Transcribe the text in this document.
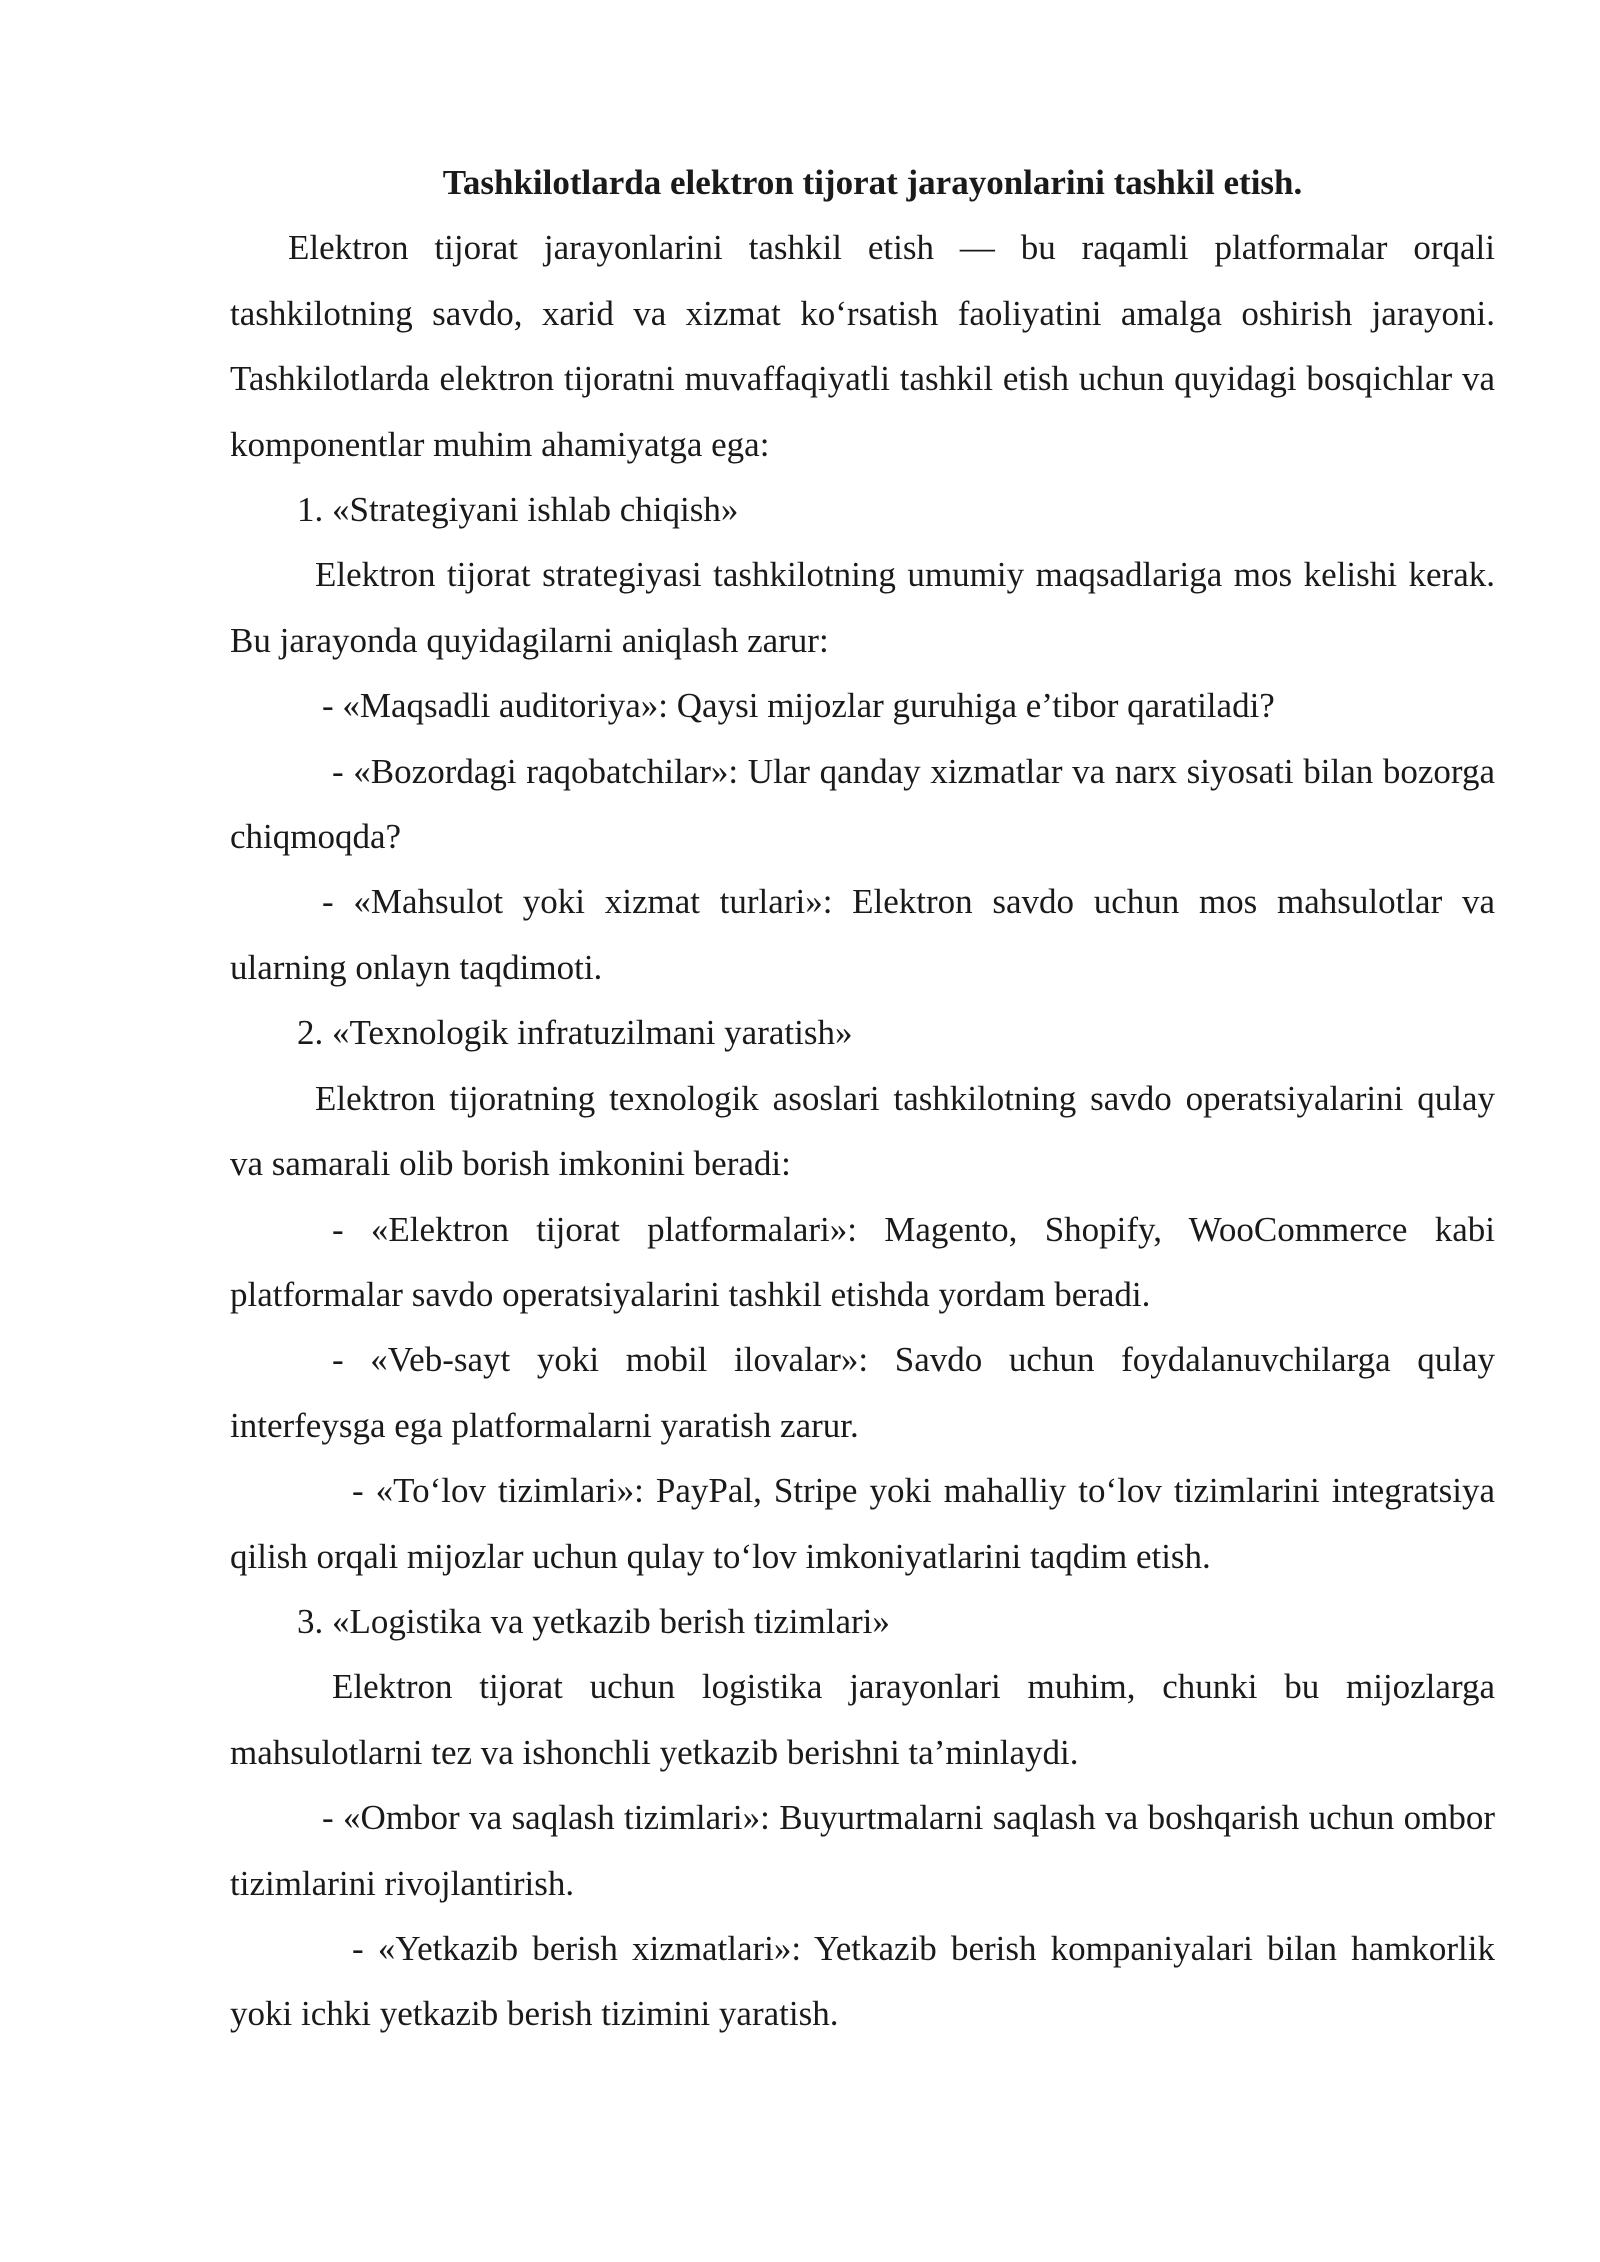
Tashkilotlarda elektron tijorat jarayonlarini tashkil etish.

Elektron tijorat jarayonlarini tashkil etish — bu raqamli platformalar orqali tashkilotning savdo, xarid va xizmat ko‘rsatish faoliyatini amalga oshirish jarayoni. Tashkilotlarda elektron tijoratni muvaffaqiyatli tashkil etish uchun quyidagi bosqichlar va komponentlar muhim ahamiyatga ega:

1. «Strategiyani ishlab chiqish»

Elektron tijorat strategiyasi tashkilotning umumiy maqsadlariga mos kelishi kerak. Bu jarayonda quyidagilarni aniqlash zarur:

- «Maqsadli auditoriya»: Qaysi mijozlar guruhiga e’tibor qaratiladi?

- «Bozordagi raqobatchilar»: Ular qanday xizmatlar va narx siyosati bilan bozorga chiqmoqda?

- «Mahsulot yoki xizmat turlari»: Elektron savdo uchun mos mahsulotlar va ularning onlayn taqdimoti.

2. «Texnologik infratuzilmani yaratish»

Elektron tijoratning texnologik asoslari tashkilotning savdo operatsiyalarini qulay va samarali olib borish imkonini beradi:

- «Elektron tijorat platformalari»: Magento, Shopify, WooCommerce kabi platformalar savdo operatsiyalarini tashkil etishda yordam beradi.

- «Veb-sayt yoki mobil ilovalar»: Savdo uchun foydalanuvchilarga qulay interfeysga ega platformalarni yaratish zarur.

- «To‘lov tizimlari»: PayPal, Stripe yoki mahalliy to‘lov tizimlarini integratsiya qilish orqali mijozlar uchun qulay to‘lov imkoniyatlarini taqdim etish.

3. «Logistika va yetkazib berish tizimlari»

Elektron tijorat uchun logistika jarayonlari muhim, chunki bu mijozlarga mahsulotlarni tez va ishonchli yetkazib berishni ta’minlaydi.

- «Ombor va saqlash tizimlari»: Buyurtmalarni saqlash va boshqarish uchun ombor tizimlarini rivojlantirish.

- «Yetkazib berish xizmatlari»: Yetkazib berish kompaniyalari bilan hamkorlik yoki ichki yetkazib berish tizimini yaratish.
